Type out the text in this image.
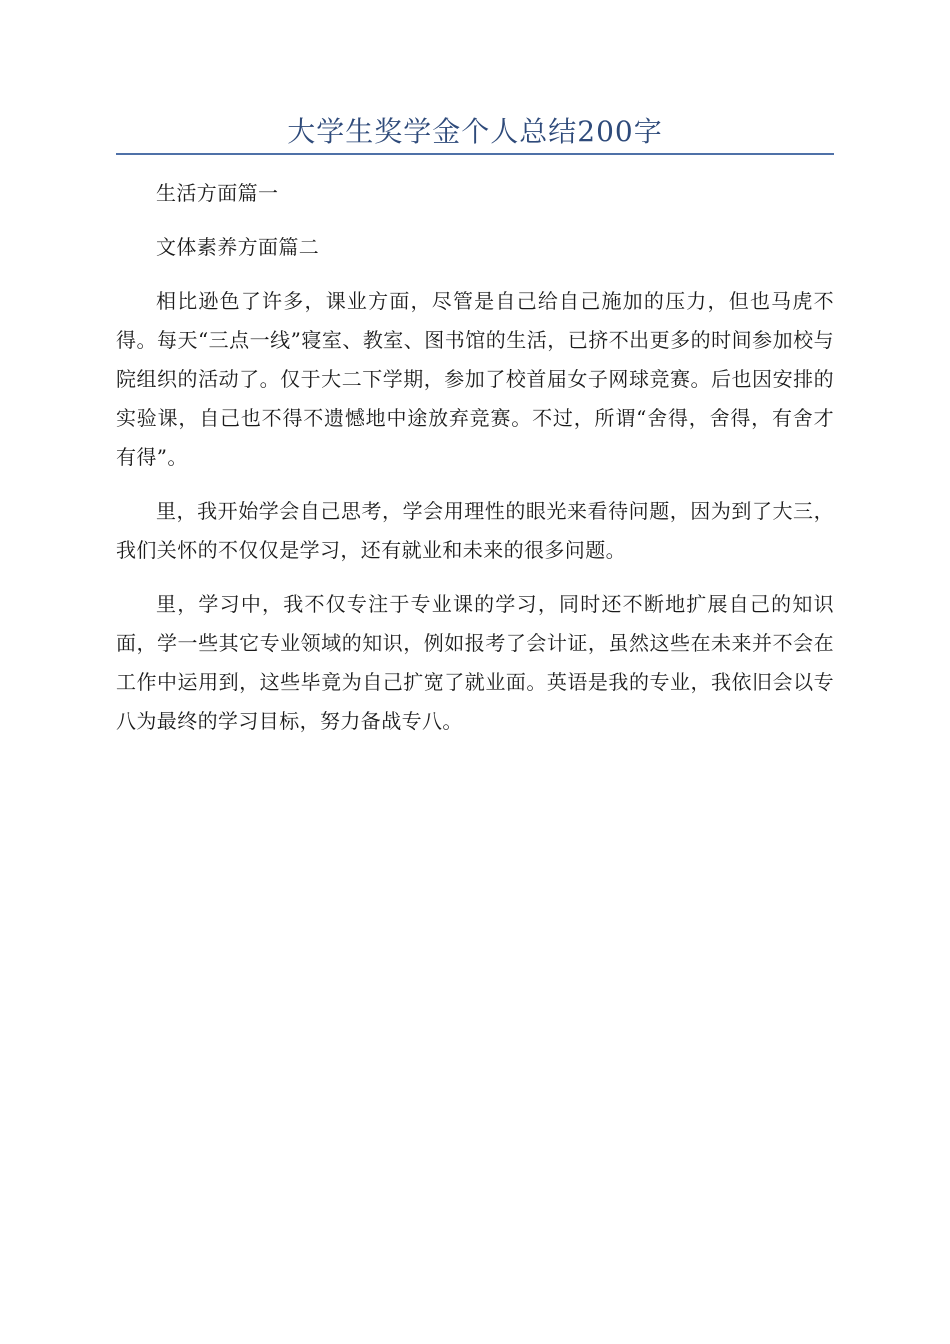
大学生奖学金个人总结200字

生活方面篇一

文体素养方面篇二

相比逊色了许多，课业方面，尽管是自己给自己施加的压力，但也马虎不得。每天“三点一线”寝室、教室、图书馆的生活，已挤不出更多的时间参加校与院组织的活动了。仅于大二下学期，参加了校首届女子网球竞赛。后也因安排的实验课，自己也不得不遗憾地中途放弃竞赛。不过，所谓“舍得，舍得，有舍才有得”。

里，我开始学会自己思考，学会用理性的眼光来看待问题，因为到了大三，我们关怀的不仅仅是学习，还有就业和未来的很多问题。

里，学习中，我不仅专注于专业课的学习，同时还不断地扩展自己的知识面，学一些其它专业领域的知识，例如报考了会计证，虽然这些在未来并不会在工作中运用到，这些毕竟为自己扩宽了就业面。英语是我的专业，我依旧会以专八为最终的学习目标，努力备战专八。
